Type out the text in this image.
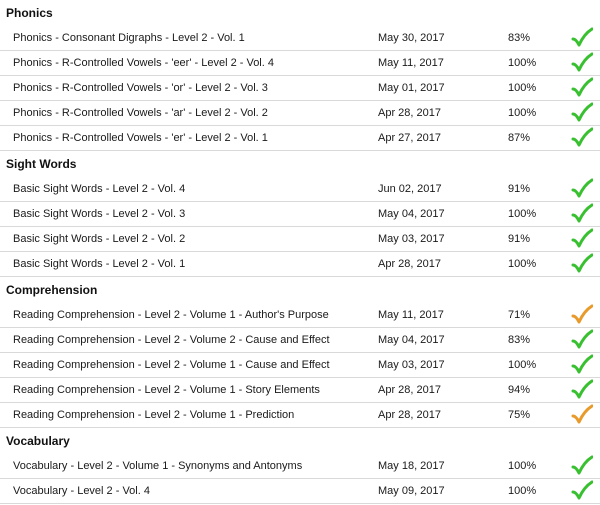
Phonics
Phonics - Consonant Digraphs - Level 2 - Vol. 1	May 30, 2017	83%
Phonics - R-Controlled Vowels - 'eer' - Level 2 - Vol. 4	May 11, 2017	100%
Phonics - R-Controlled Vowels - 'or' - Level 2 - Vol. 3	May 01, 2017	100%
Phonics - R-Controlled Vowels - 'ar' - Level 2 - Vol. 2	Apr 28, 2017	100%
Phonics - R-Controlled Vowels - 'er' - Level 2 - Vol. 1	Apr 27, 2017	87%
Sight Words
Basic Sight Words - Level 2 - Vol. 4	Jun 02, 2017	91%
Basic Sight Words - Level 2 - Vol. 3	May 04, 2017	100%
Basic Sight Words - Level 2 - Vol. 2	May 03, 2017	91%
Basic Sight Words - Level 2 - Vol. 1	Apr 28, 2017	100%
Comprehension
Reading Comprehension - Level 2 - Volume 1 - Author's Purpose	May 11, 2017	71%
Reading Comprehension - Level 2 - Volume 2 - Cause and Effect	May 04, 2017	83%
Reading Comprehension - Level 2 - Volume 1 - Cause and Effect	May 03, 2017	100%
Reading Comprehension - Level 2 - Volume 1 - Story Elements	Apr 28, 2017	94%
Reading Comprehension - Level 2 - Volume 1 - Prediction	Apr 28, 2017	75%
Vocabulary
Vocabulary - Level 2 - Volume 1 - Synonyms and Antonyms	May 18, 2017	100%
Vocabulary - Level 2 - Vol. 4	May 09, 2017	100%
